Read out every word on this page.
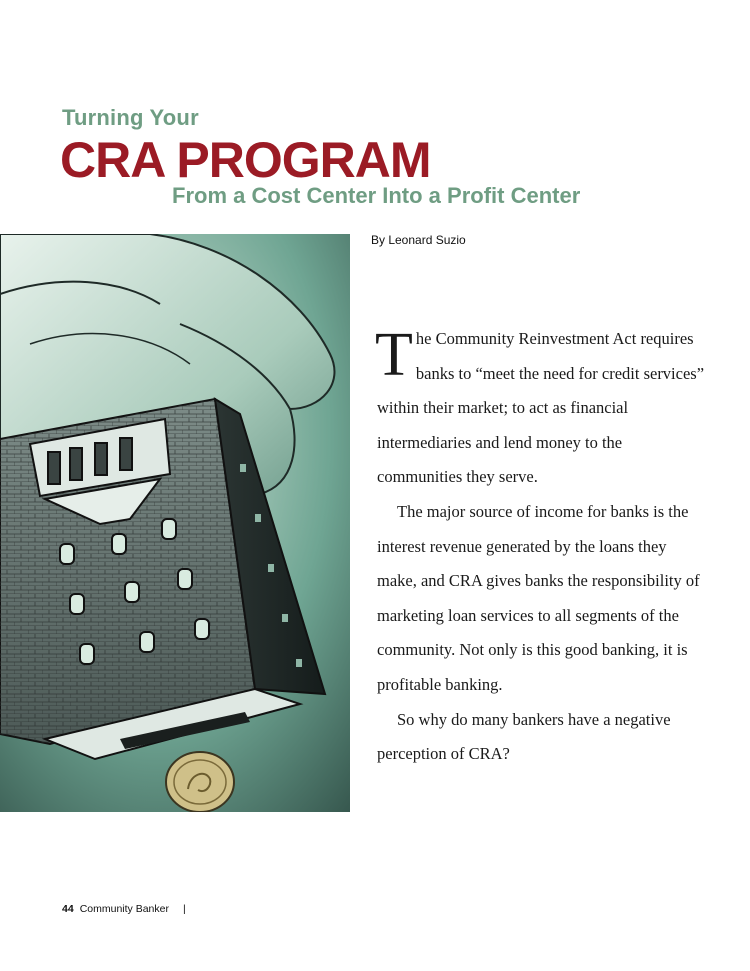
Turning Your
CRA PROGRAM
From a Cost Center Into a Profit Center
By Leonard Suzio

The Community Reinvestment Act requires banks to “meet the need for credit services” within their market; to act as financial intermediaries and lend money to the communities they serve.

The major source of income for banks is the interest revenue generated by the loans they make, and CRA gives banks the responsibility of marketing loan services to all segments of the community. Not only is this good banking, it is profitable banking.

So why do many bankers have a negative perception of CRA?

44 Community Banker |
